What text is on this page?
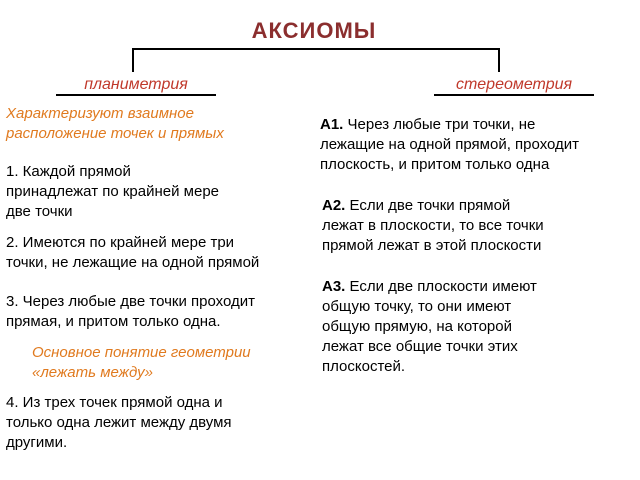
АКСИОМЫ
планиметрия	стереометрия
Характеризуют взаимное
расположение точек и прямых
1. Каждой прямой
принадлежат по крайней мере
две точки
2. Имеются по крайней мере три
точки, не лежащие на одной прямой
3. Через любые две точки проходит
прямая, и притом только одна.
Основное понятие геометрии
«лежать между»
4. Из трех точек прямой одна и
только одна лежит между двумя
другими.
А1. Через любые три точки, не
лежащие на одной прямой, проходит
плоскость, и притом только одна
А2. Если две точки прямой
лежат в плоскости, то все точки
прямой лежат в этой плоскости
А3. Если две плоскости имеют
общую точку, то они имеют
общую прямую, на которой
лежат все общие точки этих
плоскостей.
